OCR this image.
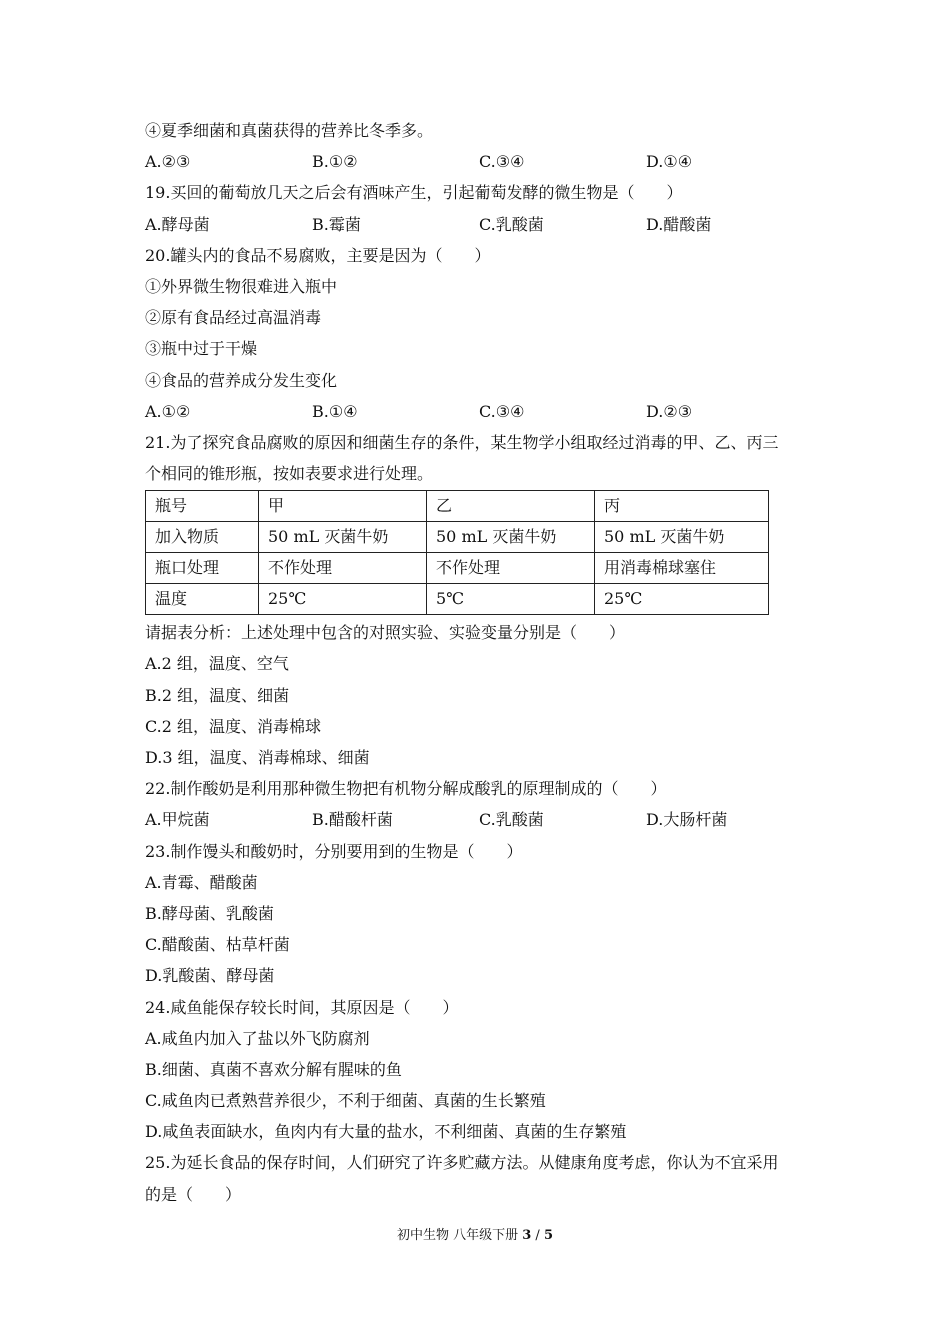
④夏季细菌和真菌获得的营养比冬季多。
A.②③	B.①②	C.③④	D.①④
19.买回的葡萄放几天之后会有酒味产生，引起葡萄发酵的微生物是（　　）
A.酵母菌	B.霉菌	C.乳酸菌	D.醋酸菌
20.罐头内的食品不易腐败，主要是因为（　　）
①外界微生物很难进入瓶中
②原有食品经过高温消毒
③瓶中过于干燥
④食品的营养成分发生变化
A.①②	B.①④	C.③④	D.②③
21.为了探究食品腐败的原因和细菌生存的条件，某生物学小组取经过消毒的甲、乙、丙三
个相同的锥形瓶，按如表要求进行处理。
瓶号	甲	乙	丙
加入物质	50 mL 灭菌牛奶	50 mL 灭菌牛奶	50 mL 灭菌牛奶
瓶口处理	不作处理	不作处理	用消毒棉球塞住
温度	25℃	5℃	25℃
请据表分析：上述处理中包含的对照实验、实验变量分别是（　　）
A.2 组，温度、空气
B.2 组，温度、细菌
C.2 组，温度、消毒棉球
D.3 组，温度、消毒棉球、细菌
22.制作酸奶是利用那种微生物把有机物分解成酸乳的原理制成的（　　）
A.甲烷菌	B.醋酸杆菌	C.乳酸菌	D.大肠杆菌
23.制作馒头和酸奶时，分别要用到的生物是（　　）
A.青霉、醋酸菌
B.酵母菌、乳酸菌
C.醋酸菌、枯草杆菌
D.乳酸菌、酵母菌
24.咸鱼能保存较长时间，其原因是（　　）
A.咸鱼内加入了盐以外飞防腐剂
B.细菌、真菌不喜欢分解有腥味的鱼
C.咸鱼肉已煮熟营养很少，不利于细菌、真菌的生长繁殖
D.咸鱼表面缺水，鱼肉内有大量的盐水，不利细菌、真菌的生存繁殖
25.为延长食品的保存时间，人们研究了许多贮藏方法。从健康角度考虑，你认为不宜采用
的是（　　）
初中生物 八年级下册 3 / 5
